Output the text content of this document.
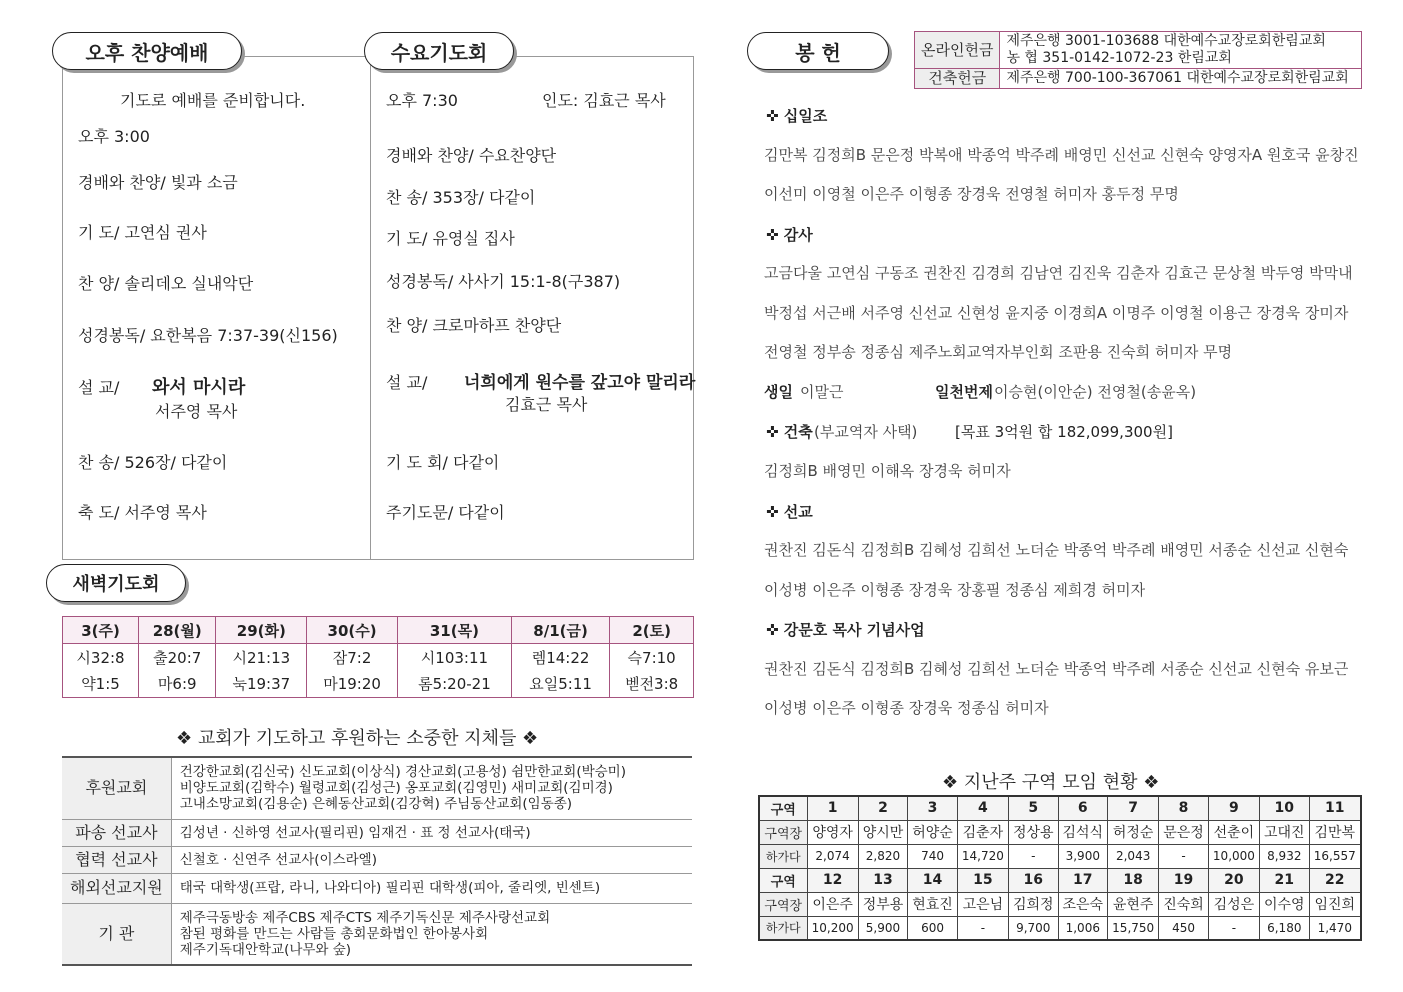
오후 찬양예배	수요기도회
기도로 예배를 준비합니다.
오후 3:00
경배와 찬양/ 빛과 소금
기 도/ 고연심 권사
찬 양/ 솔리데오 실내악단
성경봉독/ 요한복음 7:37-39(신156)
설 교/ 와서 마시라
서주영 목사
찬 송/ 526장/ 다같이
축 도/ 서주영 목사
오후 7:30	인도: 김효근 목사
경배와 찬양/ 수요찬양단
찬 송/ 353장/ 다같이
기 도/ 유영실 집사
성경봉독/ 사사기 15:1-8(구387)
찬 양/ 크로마하프 찬양단
설 교/ 너희에게 원수를 갚고야 말리라
김효근 목사
기 도 회/ 다같이
주기도문/ 다같이
새벽기도회
3(주)	28(월)	29(화)	30(수)	31(목)	8/1(금)	2(토)
시32:8	출20:7	시21:13	잠7:2	시103:11	렘14:22	슥7:10
약1:5	마6:9	눅19:37	마19:20	롬5:20-21	요일5:11	벧전3:8
❖ 교회가 기도하고 후원하는 소중한 지체들 ❖
후원교회	건강한교회(김신국) 신도교회(이상식) 경산교회(고용성) 쉼만한교회(박승미)
비양도교회(김학수) 월령교회(김성근) 옹포교회(김영민) 새미교회(김미경)
고내소망교회(김용순) 은혜동산교회(김강혁) 주님동산교회(임동종)

파송 선교사	김성년 · 신하영 선교사(필리핀) 임재건 · 표 정 선교사(태국)

협력 선교사	신철호 · 신연주 선교사(이스라엘)

해외선교지원	태국 대학생(프랍, 라니, 나와디아) 필리핀 대학생(피아, 줄리엣, 빈센트)

기 관	제주극동방송 제주CBS 제주CTS 제주기독신문 제주사랑선교회
참된 평화를 만드는 사람들 총회문화법인 한아봉사회
제주기독대안학교(나무와 숲)
봉 헌	온라인헌금	제주은행 3001-103688 대한예수교장로회한림교회
농 협 351-0142-1072-23 한림교회

건축헌금	제주은행 700-100-367061 대한예수교장로회한림교회
✜ 십일조
김만복 김정희B 문은정 박복애 박종억 박주례 배영민 신선교 신현숙 양영자A 원호국 윤창진
이선미 이영철 이은주 이형종 장경욱 전영철 허미자 홍두정 무명
✜ 감사
고금다울 고연심 구동조 권찬진 김경희 김남연 김진욱 김춘자 김효근 문상철 박두영 박막내
박정섭 서근배 서주영 신선교 신현성 윤지중 이경희A 이명주 이영철 이용근 장경욱 장미자
전영철 정부송 정종심 제주노회교역자부인회 조판용 진숙희 허미자 무명
생일 이말근	일천번제 이승현(이안순) 전영철(송윤옥)
✜ 건축 (부교역자 사택)	[목표 3억원 합 182,099,300원]
김정희B 배영민 이해옥 장경욱 허미자
✜ 선교
권찬진 김돈식 김정희B 김혜성 김희선 노더순 박종억 박주례 배영민 서종순 신선교 신현숙
이성병 이은주 이형종 장경욱 장홍필 정종심 제희경 허미자
✜ 강문호 목사 기념사업
권찬진 김돈식 김정희B 김혜성 김희선 노더순 박종억 박주례 서종순 신선교 신현숙 유보근
이성병 이은주 이형종 장경욱 정종심 허미자
❖ 지난주 구역 모임 현황 ❖
구역	1	2	3	4	5	6	7	8	9	10	11
구역장	양영자	양시만	허양순	김춘자	정상용	김석식	허정순	문은정	선춘이	고대진	김만복
하가다	2,074	2,820	740	14,720	-	3,900	2,043	-	10,000	8,932	16,557
구역	12	13	14	15	16	17	18	19	20	21	22
구역장	이은주	정부용	현효진	고은님	김희정	조은숙	윤현주	진숙희	김성은	이수영	임진희
하가다	10,200	5,900	600	-	9,700	1,006	15,750	450	-	6,180	1,470
